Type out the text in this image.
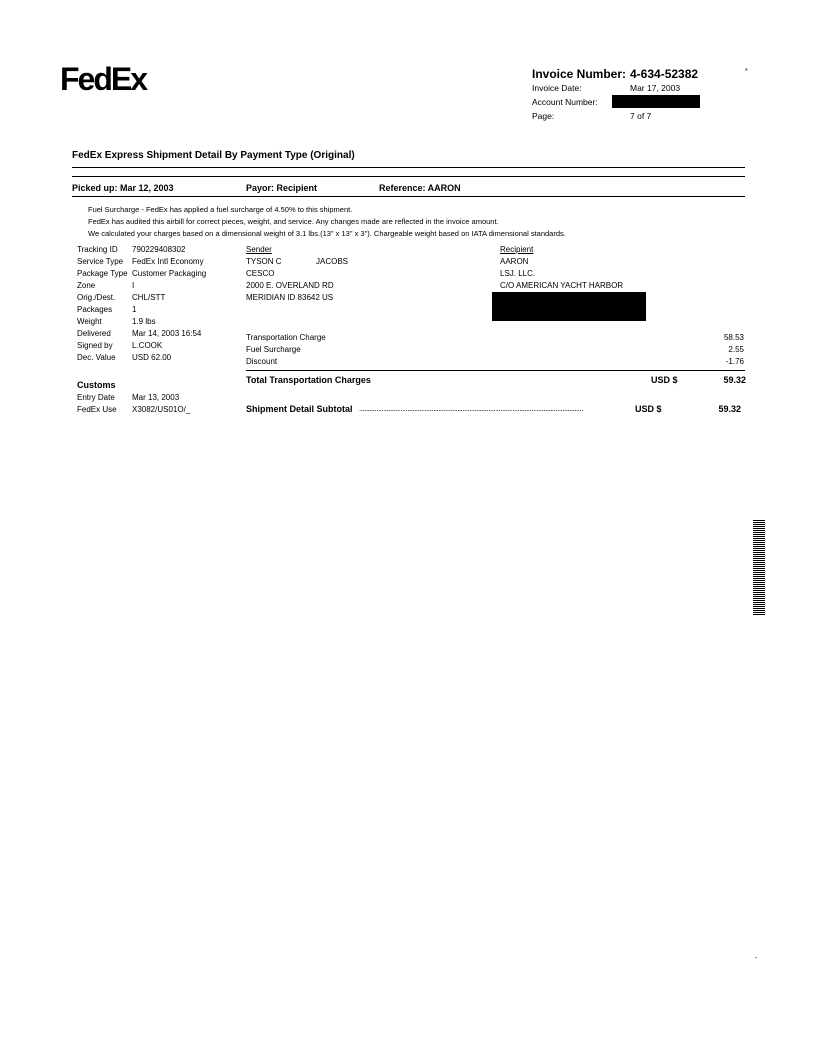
FedEx	Invoice Number: 4-634-52382
Invoice Date:	Mar 17, 2003
Account Number:
Page:	7 of 7
*
FedEx Express Shipment Detail By Payment Type (Original)
Picked up: Mar 12, 2003	Payor: Recipient	Reference: AARON
Fuel Surcharge - FedEx has applied a fuel surcharge of 4.50% to this shipment.
FedEx has audited this airbill for correct pieces, weight, and service. Any changes made are reflected in the invoice amount.
We calculated your charges based on a dimensional weight of 3.1 lbs.(13" x 13" x 3"). Chargeable weight based on IATA dimensional standards.
Tracking ID 790229408302
Service Type FedEx Intl Economy
Package Type Customer Packaging
Zone	I
Orig./Dest. CHL/STT
Packages 1
Weight	1.9 lbs
Delivered	Mar 14, 2003 16:54
Signed by L.COOK
Dec. Value USD 62.00
Customs
Entry Date Mar 13, 2003
FedEx Use X3082/US01O/_
Sender
TYSON C	JACOBS
CESCO
2000 E. OVERLAND RD
MERIDIAN ID 83642 US
Recipient
AARON
LSJ. LLC.
C/O AMERICAN YACHT HARBOR
Transportation Charge	58.53
Fuel Surcharge	2.55
Discount	-1.76
Total Transportation Charges	USD $	59.32
Shipment Detail Subtotal ..................................................................................................................................	USD $	59.32
-
